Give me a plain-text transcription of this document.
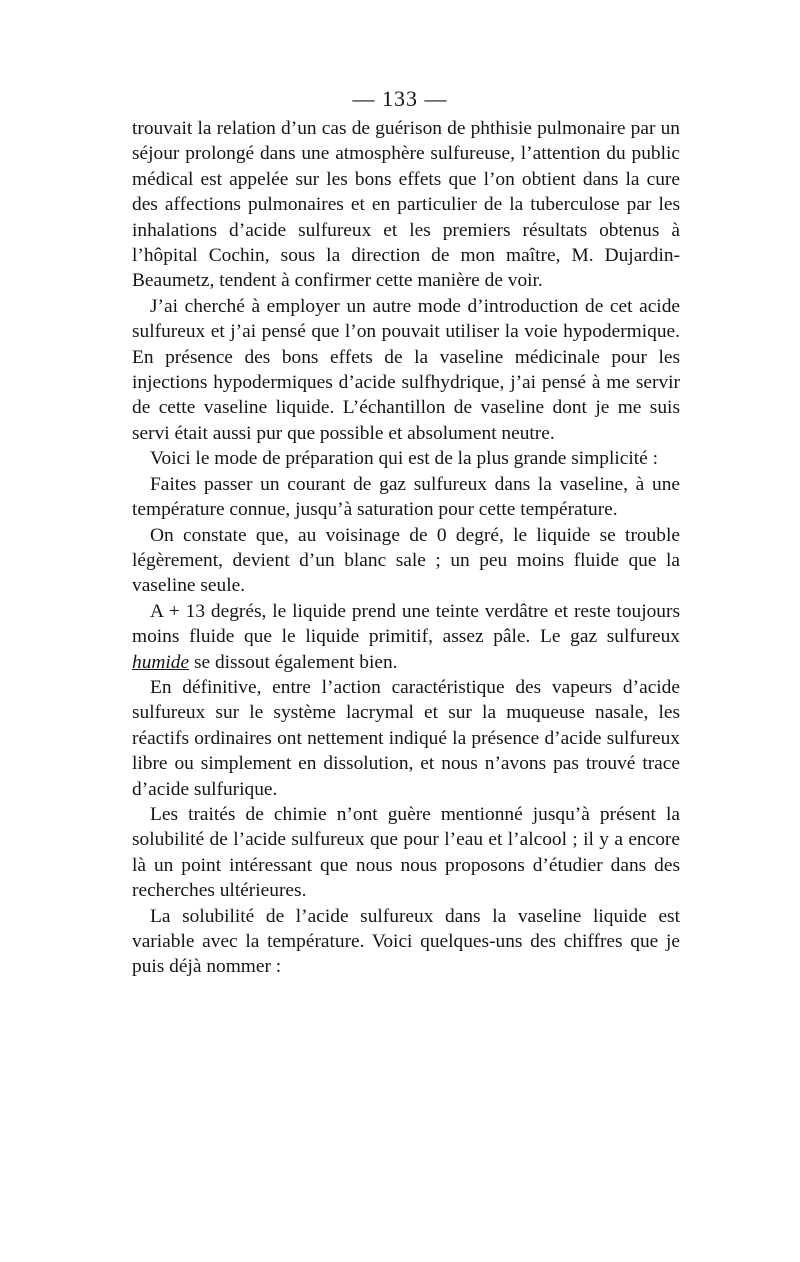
— 133 —

trouvait la relation d’un cas de guérison de phthisie pulmonaire par un séjour prolongé dans une atmosphère sulfureuse, l’attention du public médical est appelée sur les bons effets que l’on obtient dans la cure des affections pulmonaires et en particulier de la tuberculose par les inhalations d’acide sulfureux et les premiers résultats obtenus à l’hôpital Cochin, sous la direction de mon maître, M. Dujardin-Beaumetz, tendent à confirmer cette manière de voir.

J’ai cherché à employer un autre mode d’introduction de cet acide sulfureux et j’ai pensé que l’on pouvait utiliser la voie hypodermique. En présence des bons effets de la vaseline médicinale pour les injections hypodermiques d’acide sulfhydrique, j’ai pensé à me servir de cette vaseline liquide. L’échantillon de vaseline dont je me suis servi était aussi pur que possible et absolument neutre.

Voici le mode de préparation qui est de la plus grande simplicité :

Faites passer un courant de gaz sulfureux dans la vaseline, à une température connue, jusqu’à saturation pour cette température.

On constate que, au voisinage de 0 degré, le liquide se trouble légèrement, devient d’un blanc sale ; un peu moins fluide que la vaseline seule.

A + 13 degrés, le liquide prend une teinte verdâtre et reste toujours moins fluide que le liquide primitif, assez pâle. Le gaz sulfureux humide se dissout également bien.

En définitive, entre l’action caractéristique des vapeurs d’acide sulfureux sur le système lacrymal et sur la muqueuse nasale, les réactifs ordinaires ont nettement indiqué la présence d’acide sulfureux libre ou simplement en dissolution, et nous n’avons pas trouvé trace d’acide sulfurique.

Les traités de chimie n’ont guère mentionné jusqu’à présent la solubilité de l’acide sulfureux que pour l’eau et l’alcool ; il y a encore là un point intéressant que nous nous proposons d’étudier dans des recherches ultérieures.

La solubilité de l’acide sulfureux dans la vaseline liquide est variable avec la température. Voici quelques-uns des chiffres que je puis déjà nommer :
